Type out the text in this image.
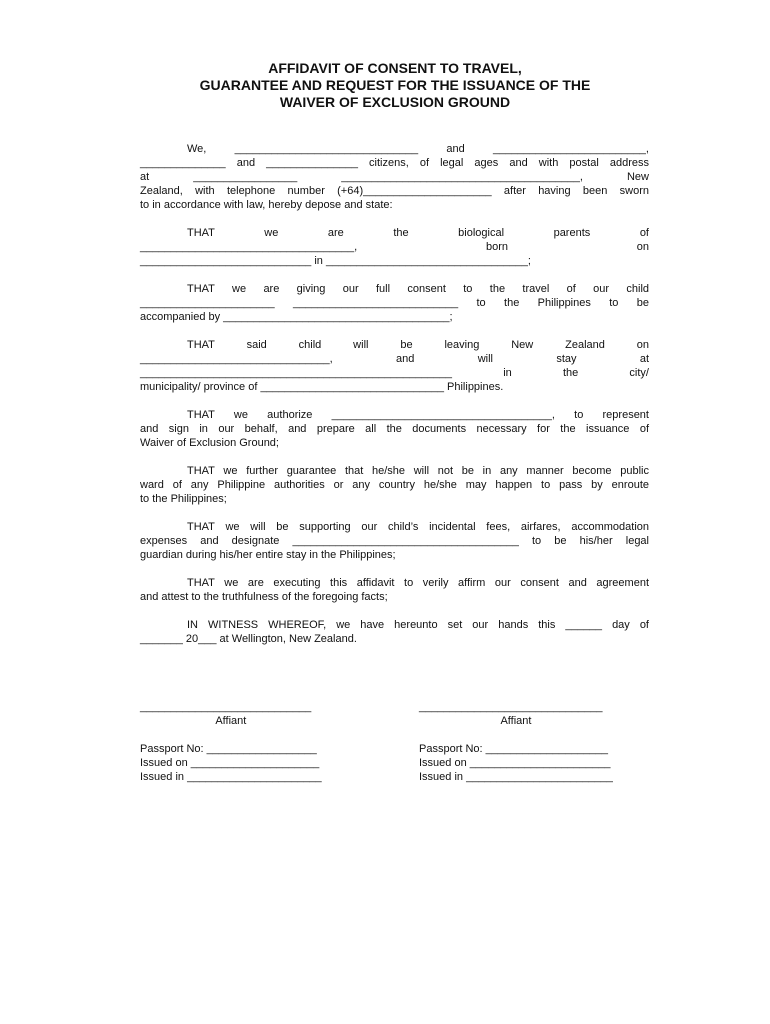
AFFIDAVIT OF CONSENT TO TRAVEL,
GUARANTEE AND REQUEST FOR THE ISSUANCE OF THE
WAIVER OF EXCLUSION GROUND

We, ______________________________ and _________________________,
______________ and _______________ citizens, of legal ages and with postal address
at _________________ _______________________________________, New
Zealand, with telephone number (+64)_____________________ after having been sworn
to in accordance with law, hereby depose and state:

THAT we are the biological parents of
___________________________________, born on
____________________________ in _________________________________;

THAT we are giving our full consent to the travel of our child
______________________ ___________________________ to the Philippines to be
accompanied by _____________________________________;

THAT said child will be leaving New Zealand on
_______________________________, and will stay at
___________________________________________________ in the city/
municipality/ province of ______________________________ Philippines.

THAT we authorize ____________________________________, to represent
and sign in our behalf, and prepare all the documents necessary for the issuance of
Waiver of Exclusion Ground;

THAT we further guarantee that he/she will not be in any manner become public
ward of any Philippine authorities or any country he/she may happen to pass by enroute
to the Philippines;

THAT we will be supporting our child’s incidental fees, airfares, accommodation
expenses and designate _____________________________________ to be his/her legal
guardian during his/her entire stay in the Philippines;

THAT we are executing this affidavit to verily affirm our consent and agreement
and attest to the truthfulness of the foregoing facts;

IN WITNESS WHEREOF, we have hereunto set our hands this ______ day of
_______ 20___ at Wellington, New Zealand.

____________________________
Affiant
Passport No: __________________
Issued on _____________________
Issued in ______________________
______________________________
Affiant
Passport No: ____________________
Issued on _______________________
Issued in ________________________
